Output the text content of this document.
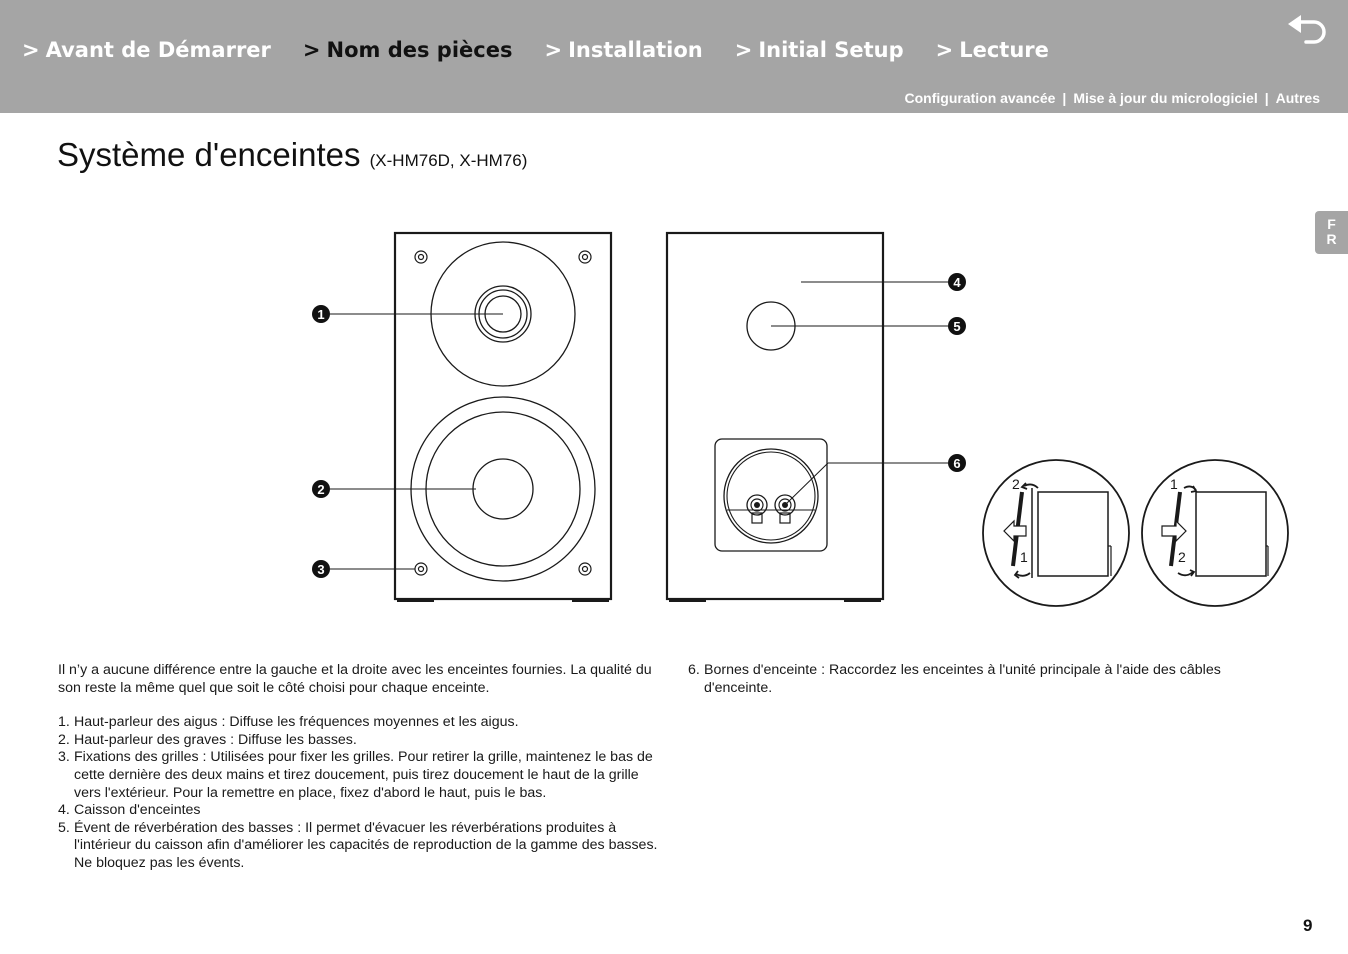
> Avant de Démarrer > Nom des pièces > Installation > Initial Setup > Lecture
Configuration avancée | Mise à jour du micrologiciel | Autres
Système d'enceintes (X-HM76D, X-HM76)
F
R
1
2
3
4
5
6
2
1
1
2

Il n’y a aucune différence entre la gauche et la droite avec les enceintes fournies. La qualité du son reste la même quel que soit le côté choisi pour chaque enceinte.

1. Haut-parleur des aigus : Diffuse les fréquences moyennes et les aigus.
2. Haut-parleur des graves : Diffuse les basses.
3. Fixations des grilles : Utilisées pour fixer les grilles. Pour retirer la grille, maintenez le bas de cette dernière des deux mains et tirez doucement, puis tirez doucement le haut de la grille vers l'extérieur. Pour la remettre en place, fixez d'abord le haut, puis le bas.
4. Caisson d'enceintes
5. Évent de réverbération des basses : Il permet d'évacuer les réverbérations produites à l'intérieur du caisson afin d'améliorer les capacités de reproduction de la gamme des basses. Ne bloquez pas les évents.
6. Bornes d'enceinte : Raccordez les enceintes à l'unité principale à l'aide des câbles d'enceinte.
9
